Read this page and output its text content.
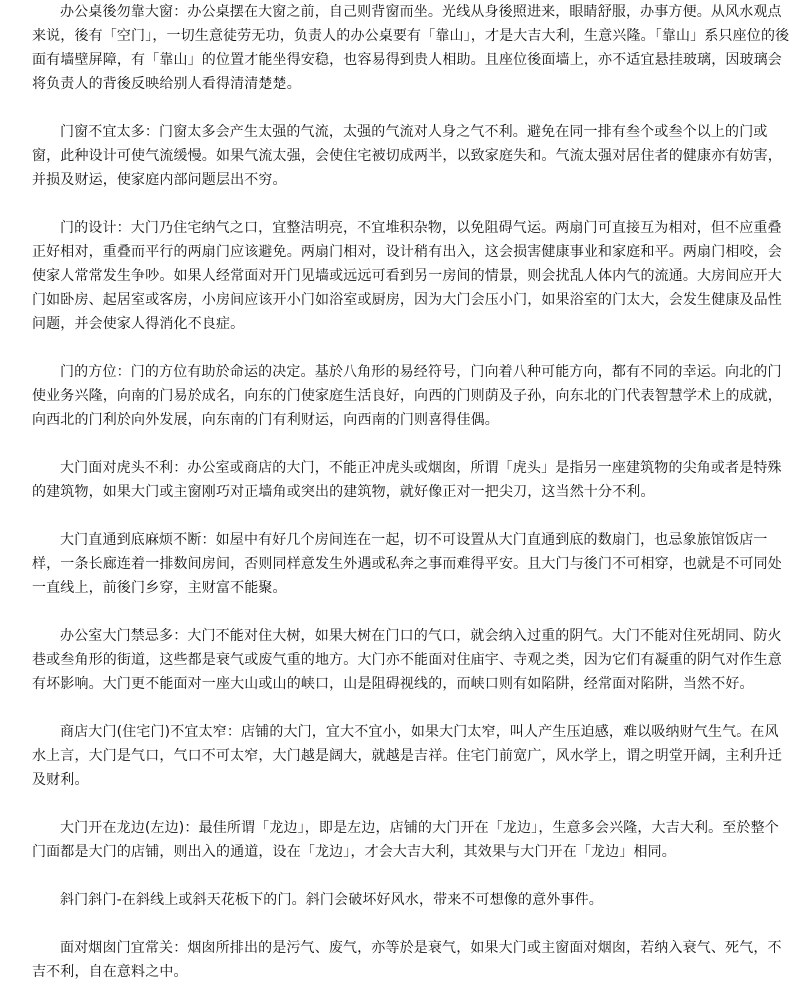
办公桌後勿靠大窗：办公桌摆在大窗之前，自己则背窗而坐。光线从身後照进来，眼睛舒服，办事方便。从风水观点来说，後有「空门」，一切生意徒劳无功，负责人的办公桌要有「靠山」，才是大吉大利，生意兴隆。「靠山」系只座位的後面有墙壁屏障，有「靠山」的位置才能坐得安稳，也容易得到贵人相助。且座位後面墙上，亦不适宜悬挂玻璃，因玻璃会将负责人的背後反映给别人看得清清楚楚。

门窗不宜太多：门窗太多会产生太强的气流，太强的气流对人身之气不利。避免在同一排有叁个或叁个以上的门或窗，此种设计可使气流缓慢。如果气流太强，会使住宅被切成两半，以致家庭失和。气流太强对居住者的健康亦有妨害，并损及财运，使家庭内部问题层出不穷。

门的设计：大门乃住宅纳气之口，宜整洁明亮，不宜堆积杂物，以免阻碍气运。两扇门可直接互为相对，但不应重叠正好相对，重叠而平行的两扇门应该避免。两扇门相对，设计稍有出入，这会损害健康事业和家庭和平。两扇门相咬，会使家人常常发生争吵。如果人经常面对开门见墙或远远可看到另一房间的情景，则会扰乱人体内气的流通。大房间应开大门如卧房、起居室或客房，小房间应该开小门如浴室或厨房，因为大门会压小门，如果浴室的门太大，会发生健康及品性问题，并会使家人得消化不良症。

门的方位：门的方位有助於命运的决定。基於八角形的易经符号，门向着八种可能方向，都有不同的幸运。向北的门使业务兴隆，向南的门易於成名，向东的门使家庭生活良好，向西的门则荫及子孙，向东北的门代表智慧学术上的成就，向西北的门利於向外发展，向东南的门有利财运，向西南的门则喜得佳偶。

大门面对虎头不利：办公室或商店的大门，不能正冲虎头或烟囱，所谓「虎头」是指另一座建筑物的尖角或者是特殊的建筑物，如果大门或主窗刚巧对正墙角或突出的建筑物，就好像正对一把尖刀，这当然十分不利。

大门直通到底麻烦不断：如屋中有好几个房间连在一起，切不可设置从大门直通到底的数扇门，也忌象旅馆饭店一样，一条长廊连着一排数间房间，否则同样意发生外遇或私奔之事而难得平安。且大门与後门不可相穿，也就是不可同处一直线上，前後门乡穿，主财富不能聚。

办公室大门禁忌多：大门不能对住大树，如果大树在门口的气口，就会纳入过重的阴气。大门不能对住死胡同、防火巷或叁角形的街道，这些都是衰气或废气重的地方。大门亦不能面对住庙宇、寺观之类，因为它们有凝重的阴气对作生意有坏影响。大门更不能面对一座大山或山的峡口，山是阻碍视线的，而峡口则有如陷阱，经常面对陷阱，当然不好。

商店大门(住宅门)不宜太窄：店铺的大门，宜大不宜小，如果大门太窄，叫人产生压迫感，难以吸纳财气生气。在风水上言，大门是气口，气口不可太窄，大门越是阔大，就越是吉祥。住宅门前宽广，风水学上，谓之明堂开阔，主利升迁及财利。

大门开在龙边(左边)：最佳所谓「龙边」，即是左边，店铺的大门开在「龙边」，生意多会兴隆，大吉大利。至於整个门面都是大门的店铺，则出入的通道，设在「龙边」，才会大吉大利，其效果与大门开在「龙边」相同。

斜门斜门-在斜线上或斜天花板下的门。斜门会破坏好风水，带来不可想像的意外事件。

面对烟囱门宜常关：烟囱所排出的是污气、废气，亦等於是衰气，如果大门或主窗面对烟囱，若纳入衰气、死气，不吉不利，自在意料之中。
